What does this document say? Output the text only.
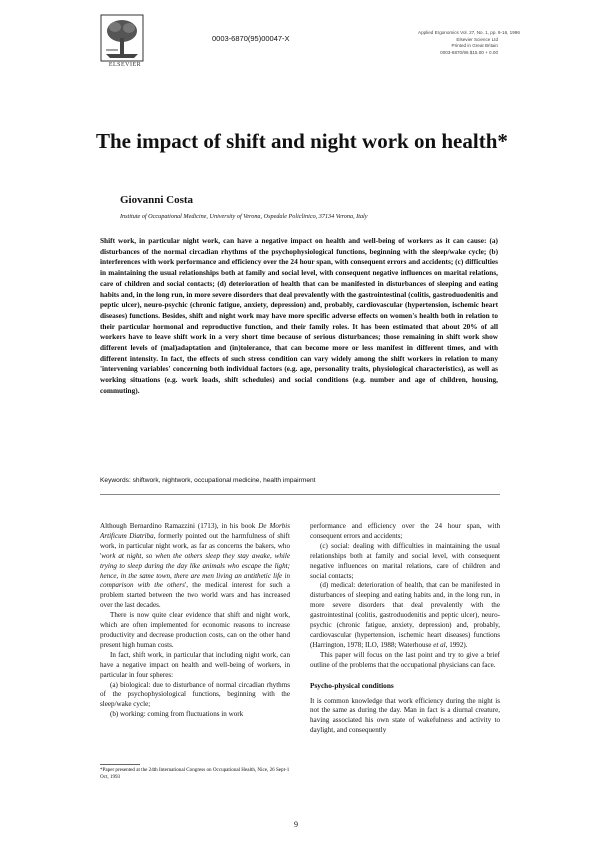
ELSEVIER
0003-6870(95)00047-X
Applied Ergonomics Vol. 27, No. 1, pp. 9-16, 1996
Elsevier Science Ltd
Printed in Great Britain
0003-6870/96 $15.00 + 0.00
The impact of shift and night work on health*
Giovanni Costa
Institute of Occupational Medicine, University of Verona, Ospedale Policlinico, 37134 Verona, Italy

Shift work, in particular night work, can have a negative impact on health and well-being of workers as it can cause: (a) disturbances of the normal circadian rhythms of the psychophysiological functions, beginning with the sleep/wake cycle; (b) interferences with work performance and efficiency over the 24 hour span, with consequent errors and accidents; (c) difficulties in maintaining the usual relationships both at family and social level, with consequent negative influences on marital relations, care of children and social contacts; (d) deterioration of health that can be manifested in disturbances of sleeping and eating habits and, in the long run, in more severe disorders that deal prevalently with the gastrointestinal (colitis, gastroduodenitis and peptic ulcer), neuro-psychic (chronic fatigue, anxiety, depression) and, probably, cardiovascular (hypertension, ischemic heart diseases) functions. Besides, shift and night work may have more specific adverse effects on women's health both in relation to their particular hormonal and reproductive function, and their family roles. It has been estimated that about 20% of all workers have to leave shift work in a very short time because of serious disturbances; those remaining in shift work show different levels of (mal)adaptation and (in)tolerance, that can become more or less manifest in different times, and with different intensity. In fact, the effects of such stress condition can vary widely among the shift workers in relation to many 'intervening variables' concerning both individual factors (e.g. age, personality traits, physiological characteristics), as well as working situations (e.g. work loads, shift schedules) and social conditions (e.g. number and age of children, housing, commuting).

Keywords: shiftwork, nightwork, occupational medicine, health impairment

Although Bernardino Ramazzini (1713), in his book De Morbis Artificum Diatriba, formerly pointed out the harmfulness of shift work, in particular night work, as far as concerns the bakers, who 'work at night, so when the others sleep they stay awake, while trying to sleep during the day like animals who escape the light; hence, in the same town, there are men living an antithetic life in comparison with the others', the medical interest for such a problem started between the two world wars and has increased over the last decades.

There is now quite clear evidence that shift and night work, which are often implemented for economic reasons to increase productivity and decrease production costs, can on the other hand present high human costs.

In fact, shift work, in particular that including night work, can have a negative impact on health and well-being of workers, in particular in four spheres:

(a) biological: due to disturbance of normal circadian rhythms of the psychophysiological functions, beginning with the sleep/wake cycle;

(b) working: coming from fluctuations in work

*Paper presented at the 24th International Congress on Occupational Health, Nice, 26 Sept-1 Oct, 1993

performance and efficiency over the 24 hour span, with consequent errors and accidents;

(c) social: dealing with difficulties in maintaining the usual relationships both at family and social level, with consequent negative influences on marital relations, care of children and social contacts;

(d) medical: deterioration of health, that can be manifested in disturbances of sleeping and eating habits and, in the long run, in more severe disorders that deal prevalently with the gastrointestinal (colitis, gastroduodenitis and peptic ulcer), neuro-psychic (chronic fatigue, anxiety, depression) and, probably, cardiovascular (hypertension, ischemic heart diseases) functions (Harrington, 1978; ILO, 1988; Waterhouse et al, 1992).

This paper will focus on the last point and try to give a brief outline of the problems that the occupational physicians can face.

Psycho-physical conditions

It is common knowledge that work efficiency during the night is not the same as during the day. Man in fact is a diurnal creature, having associated his own state of wakefulness and activity to daylight, and consequently

9
